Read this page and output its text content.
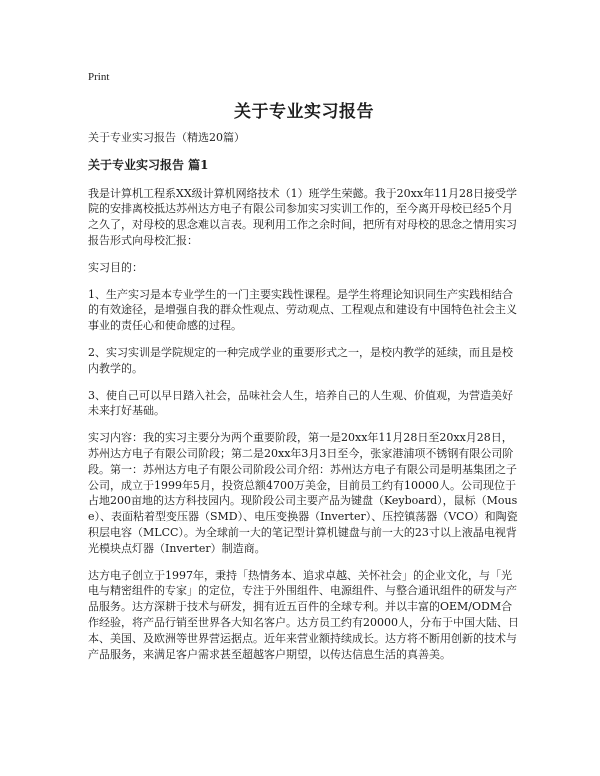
Print
关于专业实习报告

关于专业实习报告（精选20篇）

关于专业实习报告 篇1

我是计算机工程系XX级计算机网络技术（1）班学生荣懿。我于20xx年11月28日接受学院的安排离校抵达苏州达方电子有限公司参加实习实训工作的，至今离开母校已经5个月之久了，对母校的思念难以言表。现利用工作之余时间，把所有对母校的思念之情用实习报告形式向母校汇报：

实习目的：

1、生产实习是本专业学生的一门主要实践性课程。是学生将理论知识同生产实践相结合的有效途径，是增强自我的群众性观点、劳动观点、工程观点和建设有中国特色社会主义事业的责任心和使命感的过程。

2、实习实训是学院规定的一种完成学业的重要形式之一，是校内教学的延续，而且是校内教学的。

3、使自己可以早日踏入社会，品味社会人生，培养自己的人生观、价值观，为营造美好未来打好基础。

实习内容：我的实习主要分为两个重要阶段，第一是20xx年11月28日至20xx月28日，苏州达方电子有限公司阶段；第二是20xx年3月3日至今，张家港浦项不锈钢有限公司阶段。第一：苏州达方电子有限公司阶段公司介绍：苏州达方电子有限公司是明基集团之子公司，成立于1999年5月，投资总额4700万美金，目前员工约有10000人。公司现位于占地200亩地的达方科技园内。现阶段公司主要产品为键盘（Keyboard），鼠标（Mouse）、表面粘着型变压器（SMD）、电压变换器（Inverter）、压控镇荡器（VCO）和陶瓷积层电容（MLCC）。为全球前一大的笔记型计算机键盘与前一大的23寸以上液晶电视背光模块点灯器（Inverter）制造商。

达方电子创立于1997年，秉持「热情务本、追求卓越、关怀社会」的企业文化，与「光电与精密组件的专家」的定位，专注于外围组件、电源组件、与整合通讯组件的研发与产品服务。达方深耕于技术与研发，拥有近五百件的全球专利。并以丰富的OEM/ODM合作经验，将产品行销至世界各大知名客户。达方员工约有20000人，分布于中国大陆、日本、美国、及欧洲等世界营运据点。近年来营业额持续成长。达方将不断用创新的技术与产品服务，来满足客户需求甚至超越客户期望，以传达信息生活的真善美。
